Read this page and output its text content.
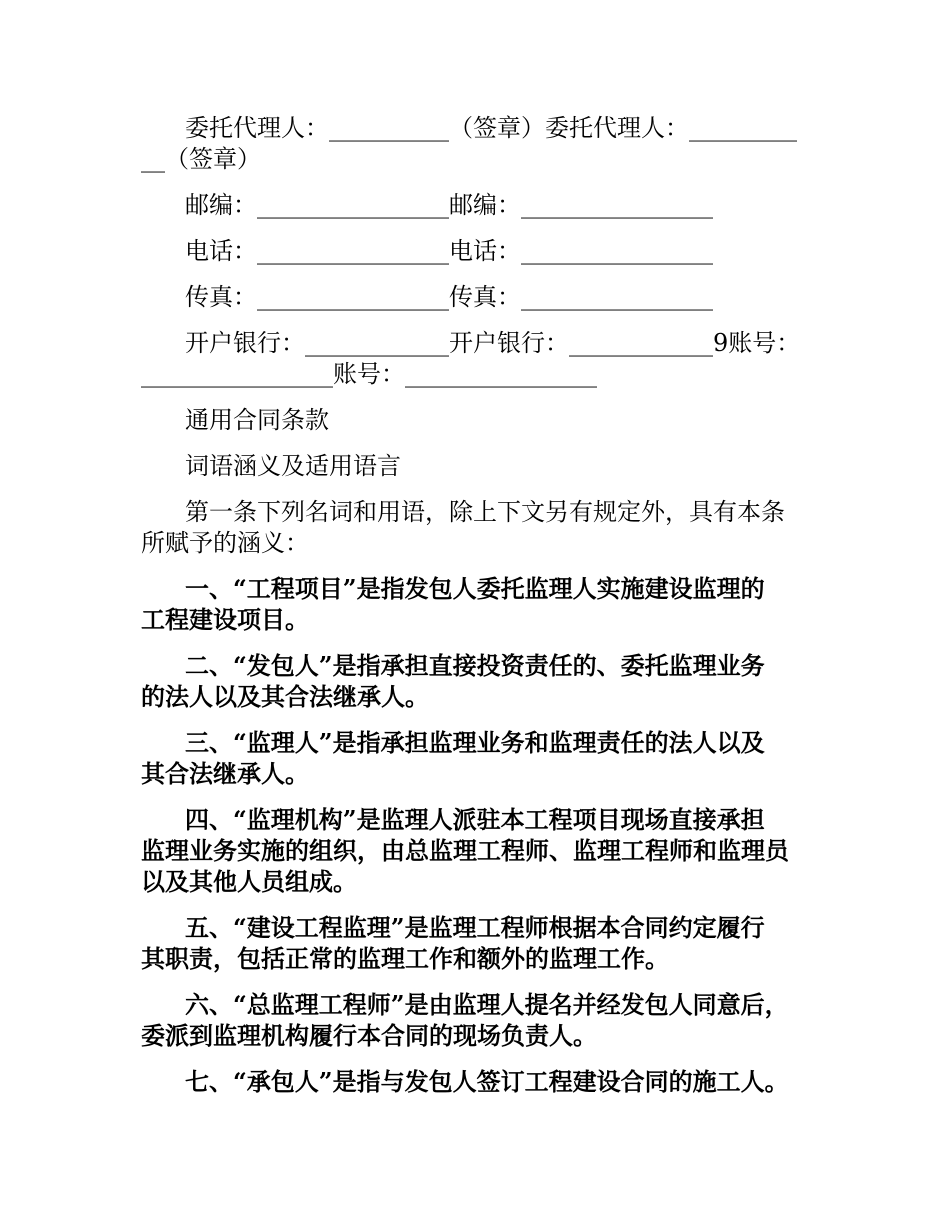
委托代理人：__________（签章）委托代理人：_________
__（签章）
邮编：________________邮编：________________
电话：________________电话：________________
传真：________________传真：________________
开户银行：____________开户银行：____________9账号：
________________账号：________________
通用合同条款
词语涵义及适用语言
第一条下列名词和用语，除上下文另有规定外，具有本条
所赋予的涵义：
一、“工程项目”是指发包人委托监理人实施建设监理的
工程建设项目。
二、“发包人”是指承担直接投资责任的、委托监理业务
的法人以及其合法继承人。
三、“监理人”是指承担监理业务和监理责任的法人以及
其合法继承人。
四、“监理机构”是监理人派驻本工程项目现场直接承担
监理业务实施的组织，由总监理工程师、监理工程师和监理员
以及其他人员组成。
五、“建设工程监理”是监理工程师根据本合同约定履行
其职责，包括正常的监理工作和额外的监理工作。
六、“总监理工程师”是由监理人提名并经发包人同意后，
委派到监理机构履行本合同的现场负责人。
七、“承包人”是指与发包人签订工程建设合同的施工人。
